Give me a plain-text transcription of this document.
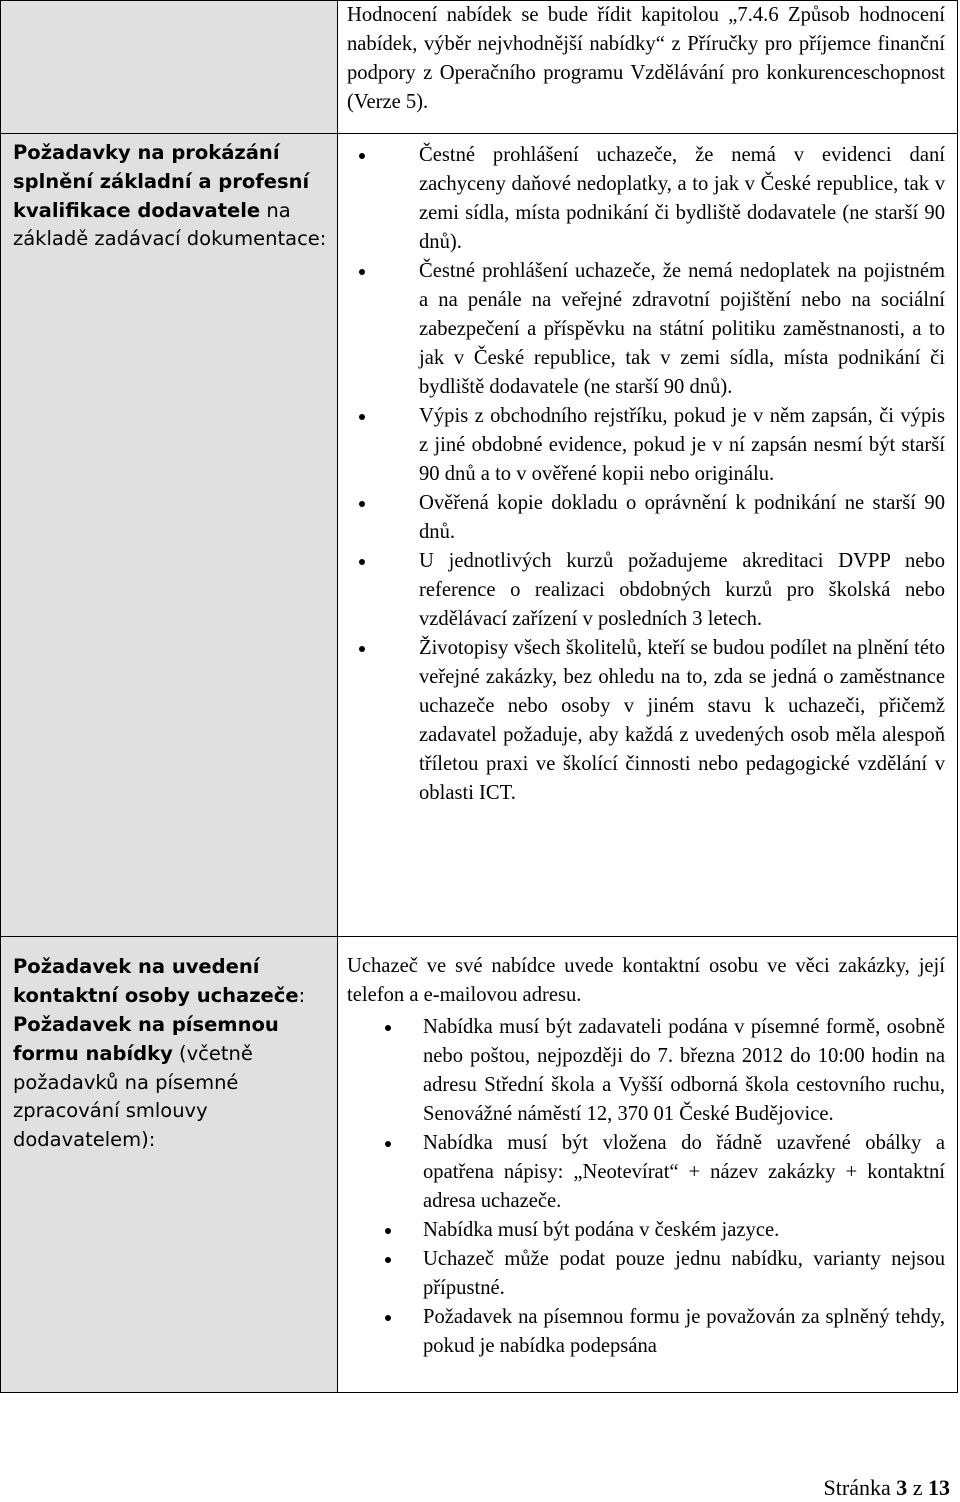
Hodnocení nabídek se bude řídit kapitolou „7.4.6 Způsob hodnocení nabídek, výběr nejvhodnější nabídky“ z Příručky pro příjemce finanční podpory z Operačního programu Vzdělávání pro konkurenceschopnost (Verze 5).
Požadavky na prokázání splnění základní a profesní kvalifikace dodavatele na základě zadávací dokumentace:
Čestné prohlášení uchazeče, že nemá v evidenci daní zachyceny daňové nedoplatky, a to jak v České republice, tak v zemi sídla, místa podnikání či bydliště dodavatele (ne starší 90 dnů).
Čestné prohlášení uchazeče, že nemá nedoplatek na pojistném a na penále na veřejné zdravotní pojištění nebo na sociální zabezpečení a příspěvku na státní politiku zaměstnanosti, a to jak v České republice, tak v zemi sídla, místa podnikání či bydliště dodavatele (ne starší 90 dnů).
Výpis z obchodního rejstříku, pokud je v něm zapsán, či výpis z jiné obdobné evidence, pokud je v ní zapsán nesmí být starší 90 dnů a to v ověřené kopii nebo originálu.
Ověřená kopie dokladu o oprávnění k podnikání ne starší 90 dnů.
U jednotlivých kurzů požadujeme akreditaci DVPP nebo reference o realizaci obdobných kurzů pro školská nebo vzdělávací zařízení v posledních 3 letech.
Životopisy všech školitelů, kteří se budou podílet na plnění této veřejné zakázky, bez ohledu na to, zda se jedná o zaměstnance uchazeče nebo osoby v jiném stavu k uchazeči, přičemž zadavatel požaduje, aby každá z uvedených osob měla alespoň tříletou praxi ve školící činnosti nebo pedagogické vzdělání v oblasti ICT.
Požadavek na uvedení kontaktní osoby uchazeče:
Požadavek na písemnou formu nabídky (včetně požadavků na písemné zpracování smlouvy dodavatelem):
Uchazeč ve své nabídce uvede kontaktní osobu ve věci zakázky, její telefon a e-mailovou adresu.
Nabídka musí být zadavateli podána v písemné formě, osobně nebo poštou, nejpozději do 7. března 2012 do 10:00 hodin na adresu Střední škola a Vyšší odborná škola cestovního ruchu, Senovážné náměstí 12, 370 01 České Budějovice.
Nabídka musí být vložena do řádně uzavřené obálky a opatřena nápisy: „Neotevírat“ + název zakázky + kontaktní adresa uchazeče.
Nabídka musí být podána v českém jazyce.
Uchazeč může podat pouze jednu nabídku, varianty nejsou přípustné.
Požadavek na písemnou formu je považován za splněný tehdy, pokud je nabídka podepsána
Stránka 3 z 13
